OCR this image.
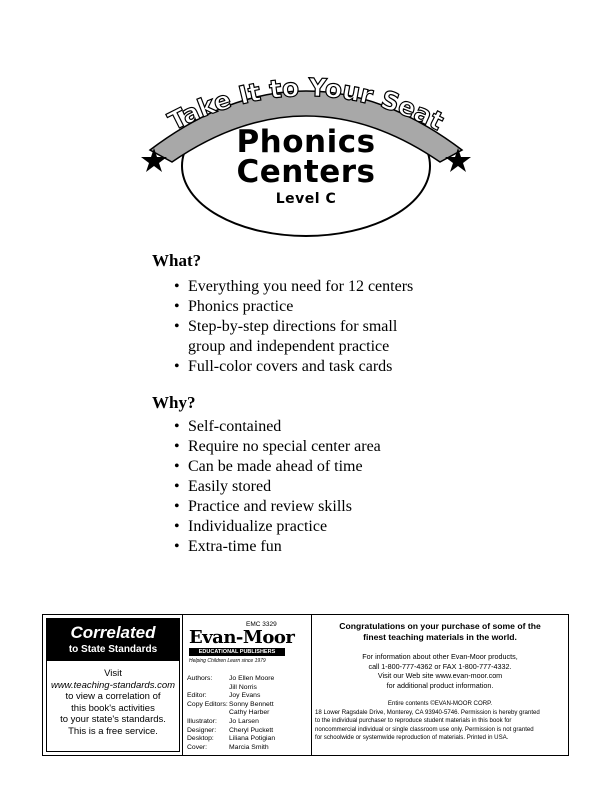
Take It to Your Seat
Phonics
Centers
Level C
What?
• Everything you need for 12 centers
• Phonics practice
• Step-by-step directions for small
group and independent practice
• Full-color covers and task cards
Why?
• Self-contained
• Require no special center area
• Can be made ahead of time
• Easily stored
• Practice and review skills
• Individualize practice
• Extra-time fun
Correlated
to State Standards
Visit
www.teaching-standards.com
to view a correlation of
this book's activities
to your state's standards.
This is a free service.
EMC 3329
Evan-Moor
EDUCATIONAL PUBLISHERS
Helping Children Learn since 1979
Authors:	Jo Ellen Moore
Jill Norris
Editor:	Joy Evans
Copy Editors: Sonny Bennett
Cathy Harber
Illustrator:	Jo Larsen
Designer:	Cheryl Puckett
Desktop:	Liliana Potigian
Cover:	Marcia Smith
Congratulations on your purchase of some of the
finest teaching materials in the world.
For information about other Evan-Moor products,
call 1-800-777-4362 or FAX 1-800-777-4332.
Visit our Web site www.evan-moor.com
for additional product information.
Entire contents ©EVAN-MOOR CORP.
18 Lower Ragsdale Drive, Monterey, CA 93940-5746. Permission is hereby granted
to the individual purchaser to reproduce student materials in this book for
noncommercial individual or single classroom use only. Permission is not granted
for schoolwide or systemwide reproduction of materials. Printed in USA.
